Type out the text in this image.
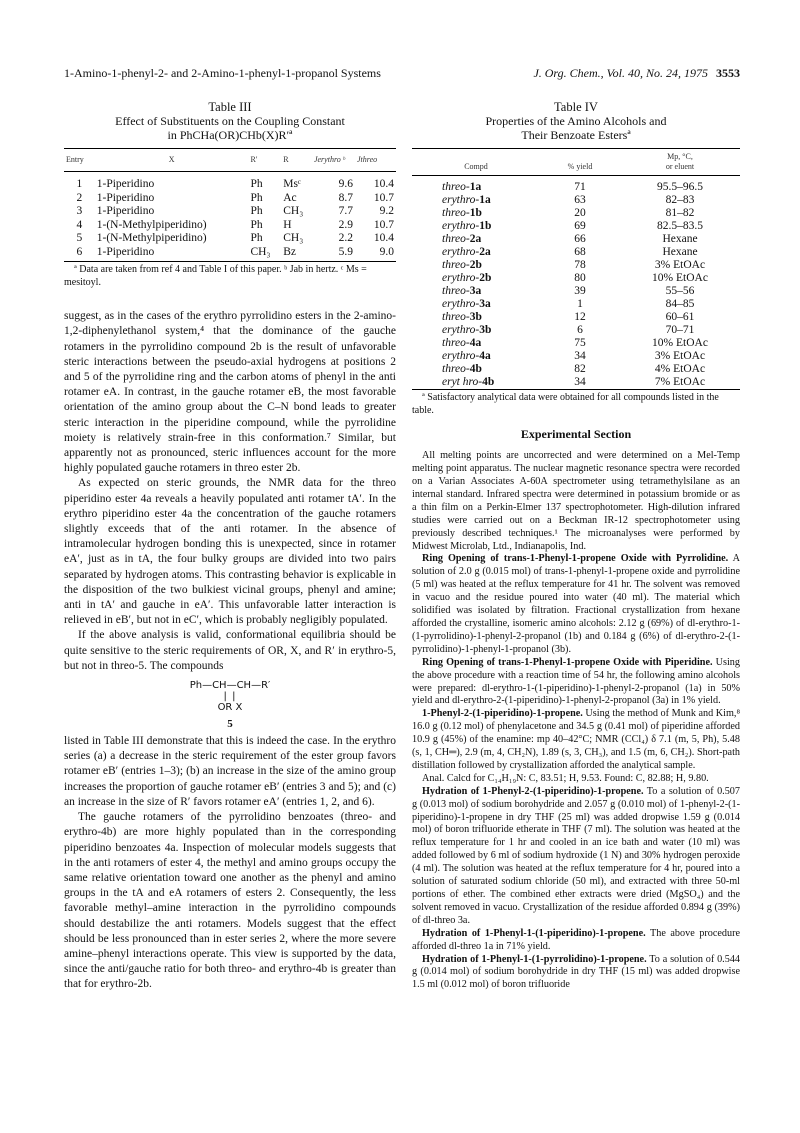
1-Amino-1-phenyl-2- and 2-Amino-1-phenyl-1-propanol Systems	J. Org. Chem., Vol. 40, No. 24, 1975 3553
Table III
Effect of Substituents on the Coupling Constant
in PhCHa(OR)CHb(X)R′ª
Entry	X	R′	R	Jerythro ᵇ	Jthreo
1	1-Piperidino	Ph	Msᶜ	9.6	10.4
2	1-Piperidino	Ph	Ac	8.7	10.7
3	1-Piperidino	Ph	CH₃	7.7	9.2
4	1-(N-Methylpiperidino)	Ph	H	2.9	10.7
5	1-(N-Methylpiperidino)	Ph	CH₃	2.2	10.4
6	1-Piperidino	CH₃	Bz	5.9	9.0

ª Data are taken from ref 4 and Table I of this paper. ᵇ Jab in hertz. ᶜ Ms = mesitoyl.

suggest, as in the cases of the erythro pyrrolidino esters in the 2-amino-1,2-diphenylethanol system,⁴ that the dominance of the gauche rotamers in the pyrrolidino compound 2b is the result of unfavorable steric interactions between the pseudo-axial hydrogens at positions 2 and 5 of the pyrrolidine ring and the carbon atoms of phenyl in the anti rotamer eA. In contrast, in the gauche rotamer eB, the most favorable orientation of the amino group about the C–N bond leads to greater steric interaction in the piperidine compound, while the pyrrolidine moiety is relatively strain-free in this conformation.⁷ Similar, but apparently not as pronounced, steric influences account for the more highly populated gauche rotamers in threo ester 2b.

As expected on steric grounds, the NMR data for the threo piperidino ester 4a reveals a heavily populated anti rotamer tA′. In the erythro piperidino ester 4a the concentration of the gauche rotamers slightly exceeds that of the anti rotamer. In the absence of intramolecular hydrogen bonding this is unexpected, since in rotamer eA′, just as in tA, the four bulky groups are divided into two pairs separated by hydrogen atoms. This contrasting behavior is explicable in the disposition of the two bulkiest vicinal groups, phenyl and amine; anti in tA′ and gauche in eA′. This unfavorable latter interaction is relieved in eB′, but not in eC′, which is probably negligibly populated.

If the above analysis is valid, conformational equilibria should be quite sensitive to the steric requirements of OR, X, and R′ in erythro-5, but not in threo-5. The compounds

Ph—CH—CH—R′
| |
OR X
5

listed in Table III demonstrate that this is indeed the case. In the erythro series (a) a decrease in the steric requirement of the ester group favors rotamer eB′ (entries 1–3); (b) an increase in the size of the amino group increases the proportion of gauche rotamer eB′ (entries 3 and 5); and (c) an increase in the size of R′ favors rotamer eA′ (entries 1, 2, and 6).

The gauche rotamers of the pyrrolidino benzoates (threo- and erythro-4b) are more highly populated than in the corresponding piperidino benzoates 4a. Inspection of molecular models suggests that in the anti rotamers of ester 4, the methyl and amino groups occupy the same relative orientation toward one another as the phenyl and amino groups in the tA and eA rotamers of esters 2. Consequently, the less favorable methyl–amine interaction in the pyrrolidino compounds should destabilize the anti rotamers. Models suggest that the effect should be less pronounced than in ester series 2, where the more severe amine–phenyl interactions operate. This view is supported by the data, since the anti/gauche ratio for both threo- and erythro-4b is greater than that for erythro-2b.

Table IV
Properties of the Amino Alcohols and
Their Benzoate Estersª
Compd	% yield	Mp, °C,
or eluent

threo-1a	71	95.5–96.5
erythro-1a	63	82–83
threo-1b	20	81–82
erythro-1b	69	82.5–83.5
threo-2a	66	Hexane
erythro-2a	68	Hexane
threo-2b	78	3% EtOAc
erythro-2b	80	10% EtOAc
threo-3a	39	55–56
erythro-3a	1	84–85
threo-3b	12	60–61
erythro-3b	6	70–71
threo-4a	75	10% EtOAc
erythro-4a	34	3% EtOAc
threo-4b	82	4% EtOAc
eryt hro-4b	34	7% EtOAc

ª Satisfactory analytical data were obtained for all compounds listed in the table.

Experimental Section

All melting points are uncorrected and were determined on a Mel-Temp melting point apparatus. The nuclear magnetic resonance spectra were recorded on a Varian Associates A-60A spectrometer using tetramethylsilane as an internal standard. Infrared spectra were determined in potassium bromide or as a thin film on a Perkin-Elmer 137 spectrophotometer. High-dilution infrared studies were carried out on a Beckman IR-12 spectrophotometer using previously described techniques.¹ The microanalyses were performed by Midwest Microlab, Ltd., Indianapolis, Ind.

Ring Opening of trans-1-Phenyl-1-propene Oxide with Pyrrolidine. A solution of 2.0 g (0.015 mol) of trans-1-phenyl-1-propene oxide and pyrrolidine (5 ml) was heated at the reflux temperature for 41 hr. The solvent was removed in vacuo and the residue poured into water (40 ml). The material which solidified was isolated by filtration. Fractional crystallization from hexane afforded the crystalline, isomeric amino alcohols: 2.12 g (69%) of dl-erythro-1-(1-pyrrolidino)-1-phenyl-2-propanol (1b) and 0.184 g (6%) of dl-erythro-2-(1-pyrrolidino)-1-phenyl-1-propanol (3b).

Ring Opening of trans-1-Phenyl-1-propene Oxide with Piperidine. Using the above procedure with a reaction time of 54 hr, the following amino alcohols were prepared: dl-erythro-1-(1-piperidino)-1-phenyl-2-propanol (1a) in 50% yield and dl-erythro-2-(1-piperidino)-1-phenyl-2-propanol (3a) in 1% yield.

1-Phenyl-2-(1-piperidino)-1-propene. Using the method of Munk and Kim,⁸ 16.0 g (0.12 mol) of phenylacetone and 34.5 g (0.41 mol) of piperidine afforded 10.9 g (45%) of the enamine: mp 40–42°C; NMR (CCl₄) δ 7.1 (m, 5, Ph), 5.48 (s, 1, CH═), 2.9 (m, 4, CH₂N), 1.89 (s, 3, CH₃), and 1.5 (m, 6, CH₂). Short-path distillation followed by crystallization afforded the analytical sample.

Anal. Calcd for C₁₄H₁₉N: C, 83.51; H, 9.53. Found: C, 82.88; H, 9.80.

Hydration of 1-Phenyl-2-(1-piperidino)-1-propene. To a solution of 0.507 g (0.013 mol) of sodium borohydride and 2.057 g (0.010 mol) of 1-phenyl-2-(1-piperidino)-1-propene in dry THF (25 ml) was added dropwise 1.59 g (0.014 mol) of boron trifluoride etherate in THF (7 ml). The solution was heated at the reflux temperature for 1 hr and cooled in an ice bath and water (10 ml) was added followed by 6 ml of sodium hydroxide (1 N) and 30% hydrogen peroxide (4 ml). The solution was heated at the reflux temperature for 4 hr, poured into a solution of saturated sodium chloride (50 ml), and extracted with three 50-ml portions of ether. The combined ether extracts were dried (MgSO₄) and the solvent removed in vacuo. Crystallization of the residue afforded 0.894 g (39%) of dl-threo 3a.

Hydration of 1-Phenyl-1-(1-piperidino)-1-propene. The above procedure afforded dl-threo 1a in 71% yield.

Hydration of 1-Phenyl-1-(1-pyrrolidino)-1-propene. To a solution of 0.544 g (0.014 mol) of sodium borohydride in dry THF (15 ml) was added dropwise 1.5 ml (0.012 mol) of boron trifluoride
